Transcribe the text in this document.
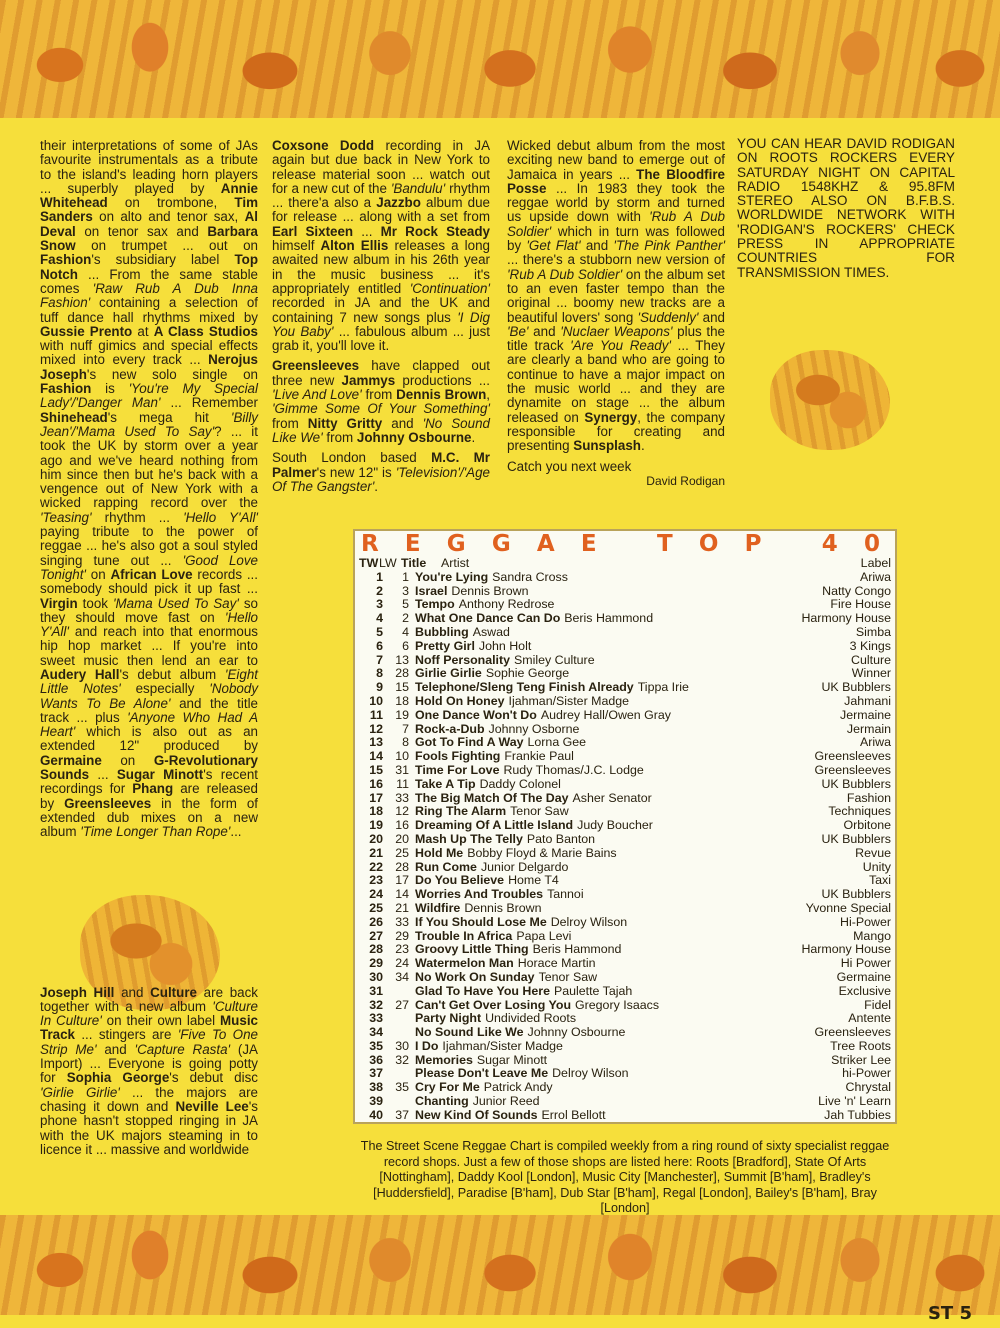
their interpretations of some of JAs favourite instrumentals as a tribute to the island's leading horn players ... superbly played by Annie Whitehead on trombone, Tim Sanders on alto and tenor sax, Al Deval on tenor sax and Barbara Snow on trumpet ... out on Fashion's subsidiary label Top Notch ... From the same stable comes 'Raw Rub A Dub Inna Fashion' containing a selection of tuff dance hall rhythms mixed by Gussie Prento at A Class Studios with nuff gimics and special effects mixed into every track ... Nerojus Joseph's new solo single on Fashion is 'You're My Special Lady'/'Danger Man' ... Remember Shinehead's mega hit 'Billy Jean'/'Mama Used To Say'? ... it took the UK by storm over a year ago and we've heard nothing from him since then but he's back with a vengence out of New York with a wicked rapping record over the 'Teasing' rhythm ... 'Hello Y'All' paying tribute to the power of reggae ... he's also got a soul styled singing tune out ... 'Good Love Tonight' on African Love records ... somebody should pick it up fast ... Virgin took 'Mama Used To Say' so they should move fast on 'Hello Y'All' and reach into that enormous hip hop market ... If you're into sweet music then lend an ear to Audery Hall's debut album 'Eight Little Notes' especially 'Nobody Wants To Be Alone' and the title track ... plus 'Anyone Who Had A Heart' which is also out as an extended 12" produced by Germaine on G-Revolutionary Sounds ... Sugar Minott's recent recordings for Phang are released by Greensleeves in the form of extended dub mixes on a new album 'Time Longer Than Rope'...

Joseph Hill and Culture are back together with a new album 'Culture In Culture' on their own label Music Track ... stingers are 'Five To One Strip Me' and 'Capture Rasta' (JA Import) ... Everyone is going potty for Sophia George's debut disc 'Girlie Girlie' ... the majors are chasing it down and Neville Lee's phone hasn't stopped ringing in JA with the UK majors steaming in to licence it ... massive and worldwide

Coxsone Dodd recording in JA again but due back in New York to release material soon ... watch out for a new cut of the 'Bandulu' rhythm ... there'a also a Jazzbo album due for release ... along with a set from Earl Sixteen ... Mr Rock Steady himself Alton Ellis releases a long awaited new album in his 26th year in the music business ... it's appropriately entitled 'Continuation' recorded in JA and the UK and containing 7 new songs plus 'I Dig You Baby' ... fabulous album ... just grab it, you'll love it.

Greensleeves have clapped out three new Jammys productions ... 'Live And Love' from Dennis Brown, 'Gimme Some Of Your Something' from Nitty Gritty and 'No Sound Like We' from Johnny Osbourne.

South London based M.C. Mr Palmer's new 12" is 'Television'/'Age Of The Gangster'.

Wicked debut album from the most exciting new band to emerge out of Jamaica in years ... The Bloodfire Posse ... In 1983 they took the reggae world by storm and turned us upside down with 'Rub A Dub Soldier' which in turn was followed by 'Get Flat' and 'The Pink Panther' ... there's a stubborn new version of 'Rub A Dub Soldier' on the album set to an even faster tempo than the original ... boomy new tracks are a beautiful lovers' song 'Suddenly' and 'Be' and 'Nuclaer Weapons' plus the title track 'Are You Ready' ... They are clearly a band who are going to continue to have a major impact on the music world ... and they are dynamite on stage ... the album released on Synergy, the company responsible for creating and presenting Sunsplash.

Catch you next week

David Rodigan

YOU CAN HEAR DAVID RODIGAN ON ROOTS ROCKERS EVERY SATURDAY NIGHT ON CAPITAL RADIO 1548KHZ & 95.8FM STEREO ALSO ON B.F.B.S. WORLDWIDE NETWORK WITH 'RODIGAN'S ROCKERS' CHECK PRESS IN APPROPRIATE COUNTRIES FOR TRANSMISSION TIMES.
R E G G A E
	T O P
	4 0
TW LW Title	Artist	Label
1	1 You're Lying Sandra Cross	Ariwa
2	3 Israel Dennis Brown	Natty Congo
3	5 Tempo Anthony Redrose	Fire House
4	2 What One Dance Can Do Beris Hammond	Harmony House
5	4 Bubbling Aswad	Simba
6	6 Pretty Girl John Holt	3 Kings
7 13 Noff Personality Smiley Culture	Culture
8 28 Girlie Girlie Sophie George	Winner
9 15 Telephone/Sleng Teng Finish Already Tippa Irie	UK Bubblers
10 18 Hold On Honey Ijahman/Sister Madge	Jahmani
11 19 One Dance Won't Do Audrey Hall/Owen Gray	Jermaine
12	7 Rock-a-Dub Johnny Osborne	Jermain
13	8 Got To Find A Way Lorna Gee	Ariwa
14 10 Fools Fighting Frankie Paul	Greensleeves
15 31 Time For Love Rudy Thomas/J.C. Lodge	Greensleeves
16	11 Take A Tip Daddy Colonel	UK Bubblers
17 33 The Big Match Of The Day Asher Senator	Fashion
18 12 Ring The Alarm Tenor Saw	Techniques
19 16 Dreaming Of A Little Island Judy Boucher	Orbitone
20 20 Mash Up The Telly Pato Banton	UK Bubblers
21 25 Hold Me Bobby Floyd & Marie Bains	Revue
22 28 Run Come Junior Delgardo	Unity
23 17 Do You Believe Home T4	Taxi
24 14 Worries And Troubles Tannoi	UK Bubblers
25 21 Wildfire Dennis Brown	Yvonne Special
26 33 If You Should Lose Me Delroy Wilson	Hi-Power
27 29 Trouble In Africa Papa Levi	Mango
28 23 Groovy Little Thing Beris Hammond	Harmony House
29 24 Watermelon Man Horace Martin	Hi Power
30 34 No Work On Sunday Tenor Saw	Germaine
31	Glad To Have You Here Paulette Tajah	Exclusive
32 27 Can't Get Over Losing You Gregory Isaacs	Fidel
33	Party Night Undivided Roots	Antente
34	No Sound Like We Johnny Osbourne	Greensleeves
35 30 I Do Ijahman/Sister Madge	Tree Roots
36 32 Memories Sugar Minott	Striker Lee
37	Please Don't Leave Me Delroy Wilson	hi-Power
38 35 Cry For Me Patrick Andy	Chrystal
39	Chanting Junior Reed	Live 'n' Learn
40 37 New Kind Of Sounds Errol Bellott	Jah Tubbies
The Street Scene Reggae Chart is compiled weekly from a ring round of sixty specialist reggae record shops. Just a few of those shops are listed here: Roots [Bradford], State Of Arts [Nottingham], Daddy Kool [London], Music City [Manchester], Summit [B'ham], Bradley's [Huddersfield], Paradise [B'ham], Dub Star [B'ham], Regal [London], Bailey's [B'ham], Bray [London]
ST 5
